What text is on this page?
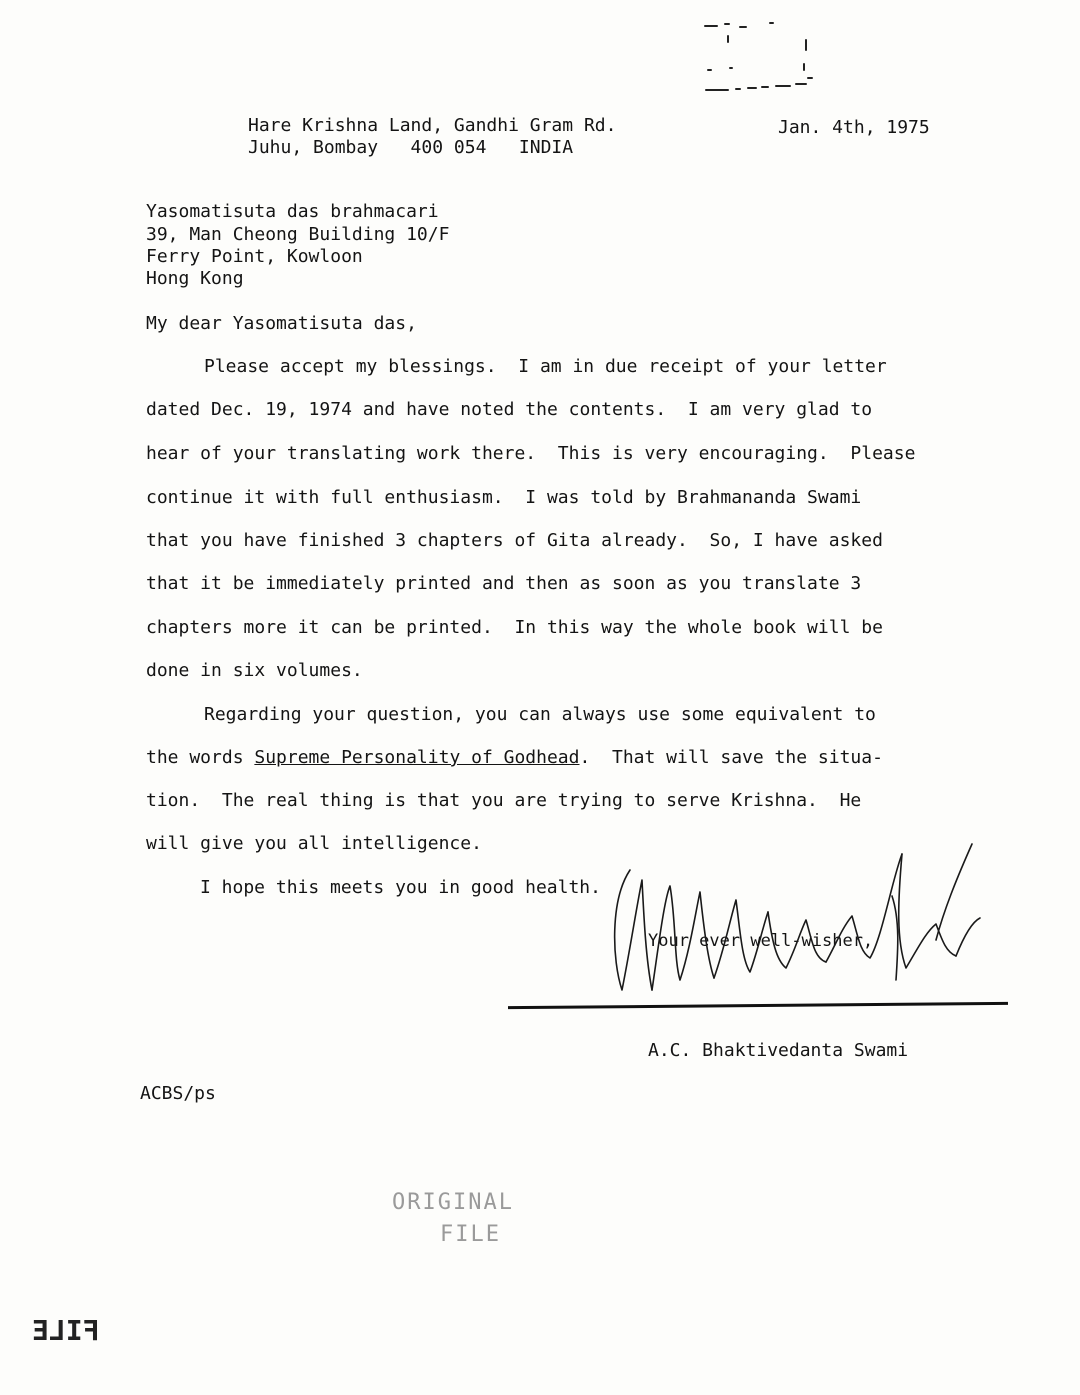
Hare Krishna Land, Gandhi Gram Rd.
Juhu, Bombay   400 054   INDIA
Jan. 4th, 1975
Yasomatisuta das brahmacari
39, Man Cheong Building 10/F
Ferry Point, Kowloon
Hong Kong
My dear Yasomatisuta das,
Please accept my blessings.  I am in due receipt of your letter
dated Dec. 19, 1974 and have noted the contents.  I am very glad to
hear of your translating work there.  This is very encouraging.  Please
continue it with full enthusiasm.  I was told by Brahmananda Swami
that you have finished 3 chapters of Gita already.  So, I have asked
that it be immediately printed and then as soon as you translate 3
chapters more it can be printed.  In this way the whole book will be
done in six volumes.
Regarding your question, you can always use some equivalent to
the words Supreme Personality of Godhead.  That will save the situa-
tion.  The real thing is that you are trying to serve Krishna.  He
will give you all intelligence.
I hope this meets you in good health.
Your ever well-wisher,
A.C. Bhaktivedanta Swami
ACBS/ps
ORIGINAL
FILE
FILE
